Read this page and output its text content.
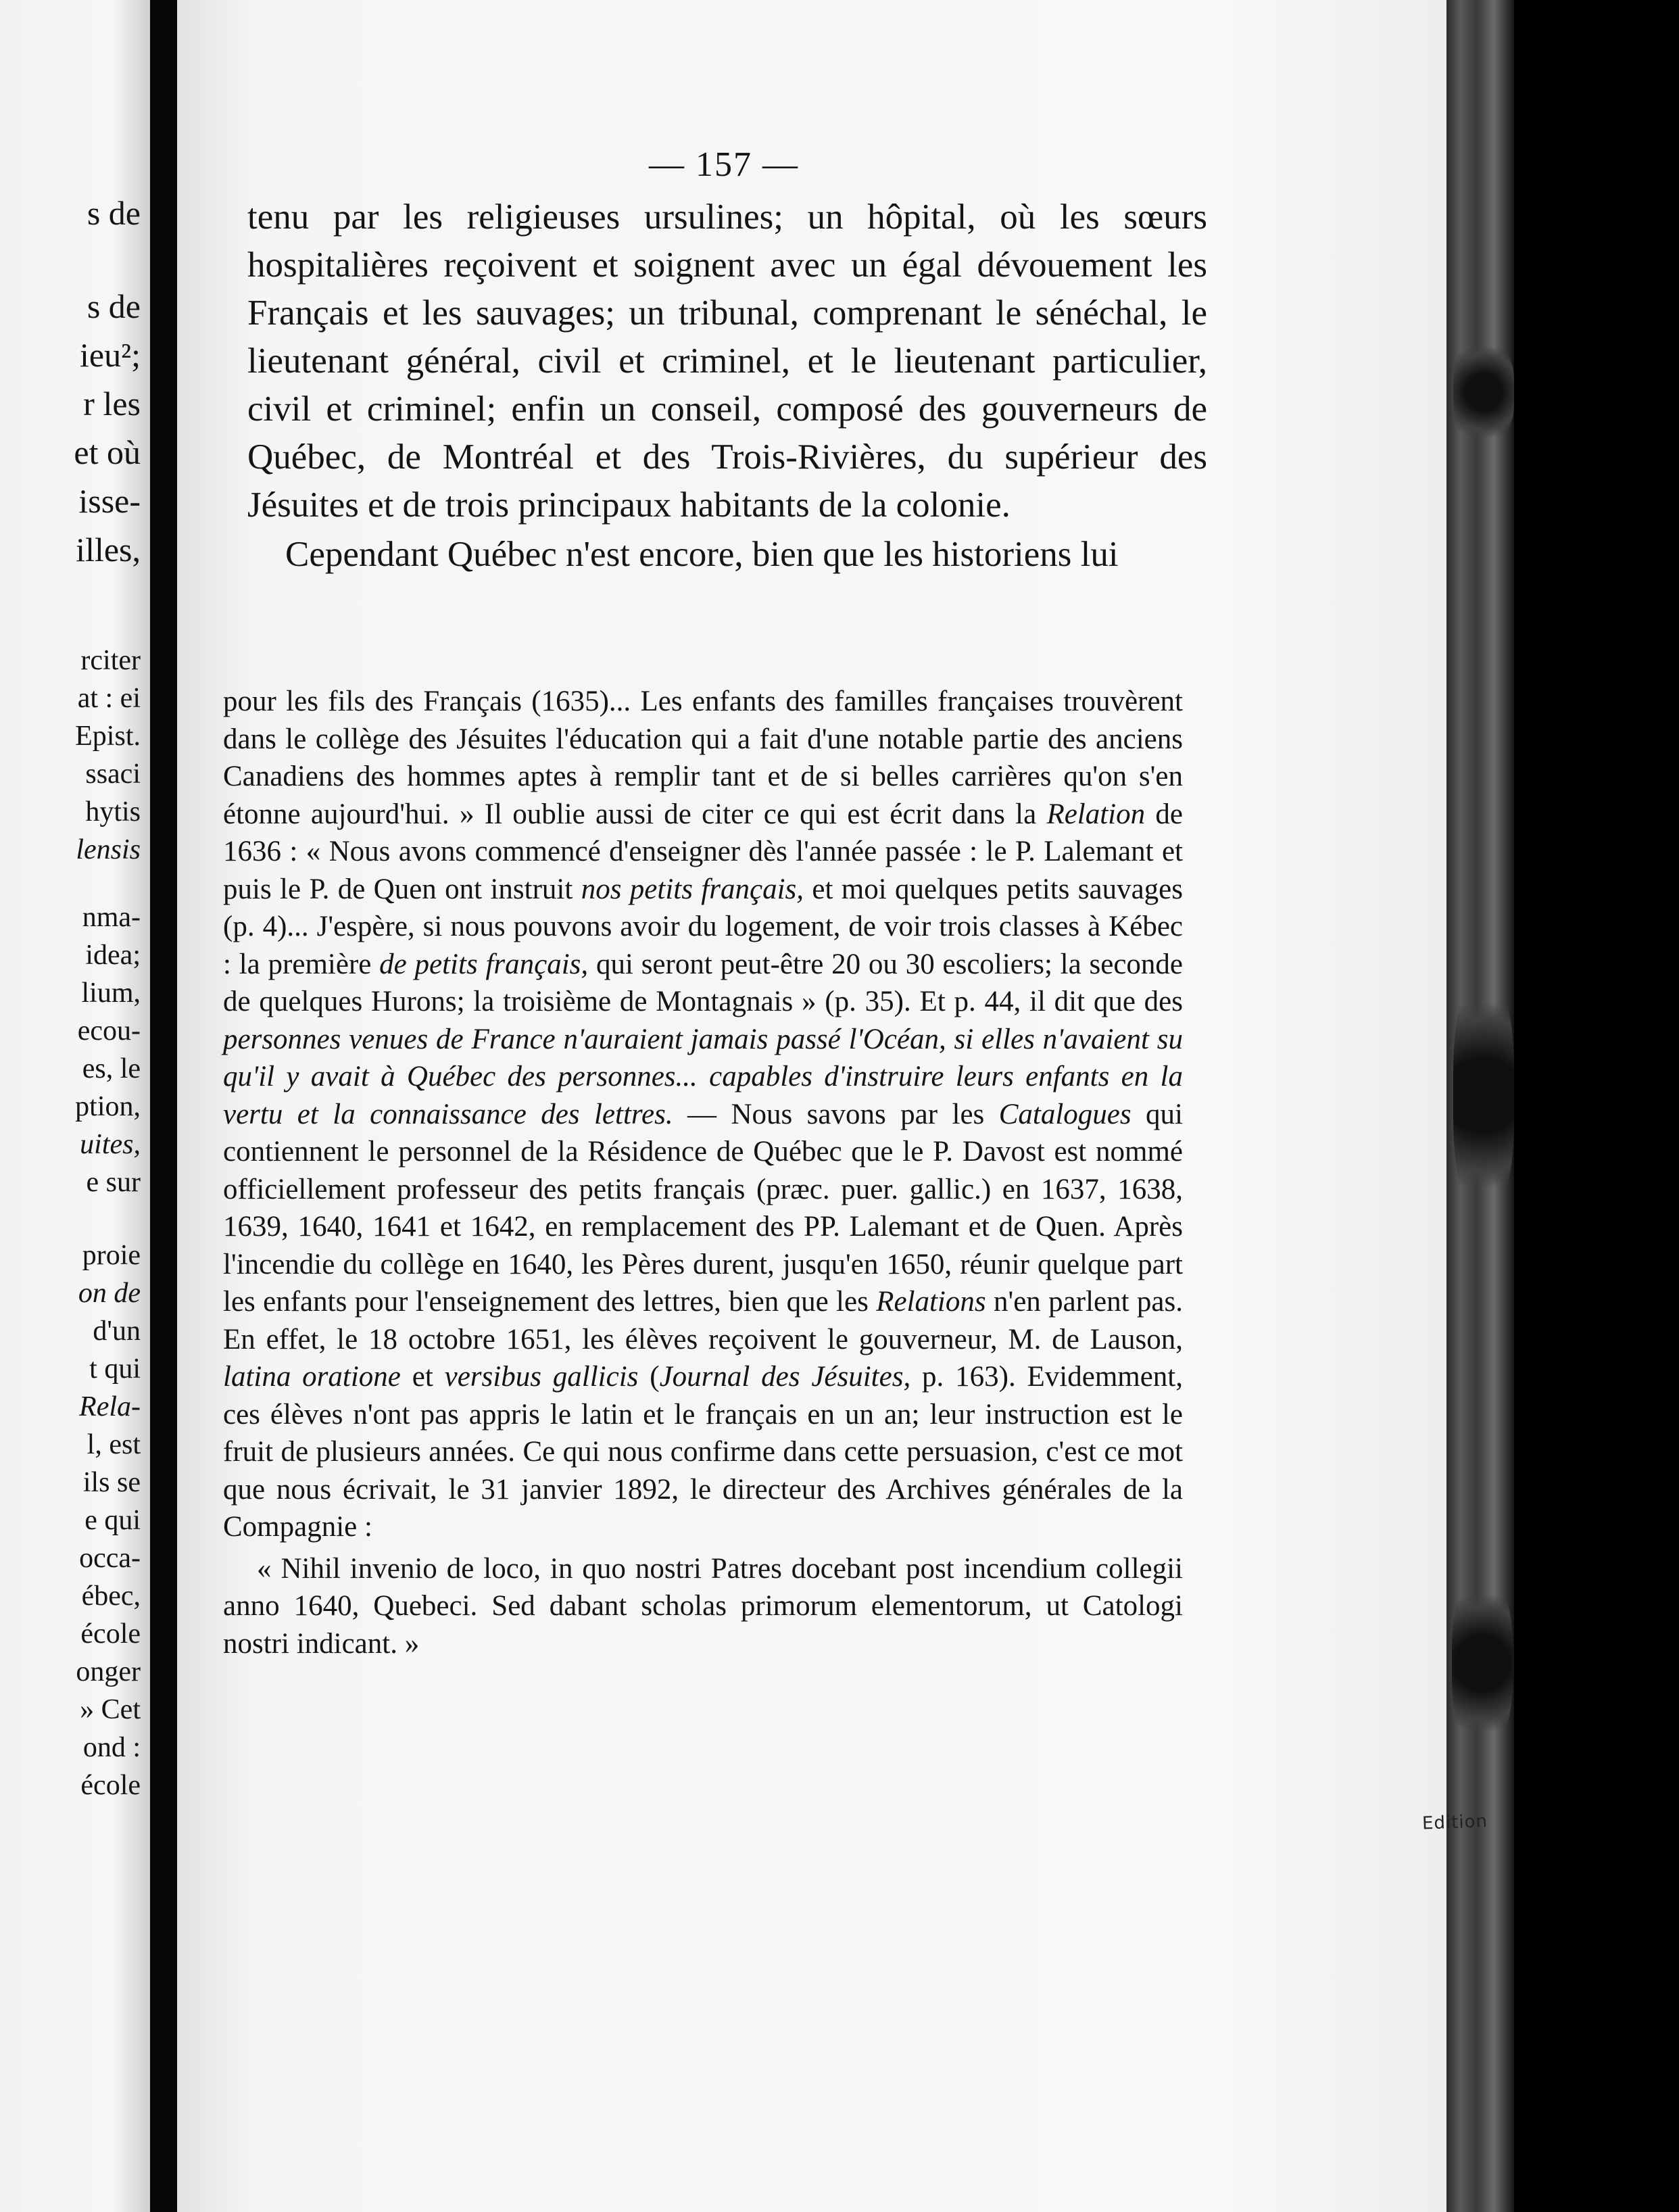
s de
s de
ieu²;
r les
et où
isse-
illes,
rciter
at : ei
Epist.
ssaci
hytis
lensis
nma-
idea;
lium,
ecou-
es, le
ption,
uites,
e sur
proie
on de
d'un
t qui
Rela-
l, est
ils se
e qui
occa-
ébec,
école
onger
» Cet
ond :
école
— 157 —

tenu par les religieuses ursulines; un hôpital, où les sœurs hospitalières reçoivent et soignent avec un égal dévouement les Français et les sauvages; un tribunal, comprenant le sénéchal, le lieutenant général, civil et criminel, et le lieutenant particulier, civil et criminel; enfin un conseil, composé des gouverneurs de Québec, de Montréal et des Trois-Rivières, du supérieur des Jésuites et de trois principaux habitants de la colonie.

Cependant Québec n'est encore, bien que les historiens lui

pour les fils des Français (1635)... Les enfants des familles françaises trouvèrent dans le collège des Jésuites l'éducation qui a fait d'une notable partie des anciens Canadiens des hommes aptes à remplir tant et de si belles carrières qu'on s'en étonne aujourd'hui. » Il oublie aussi de citer ce qui est écrit dans la Relation de 1636 : « Nous avons commencé d'enseigner dès l'année passée : le P. Lalemant et puis le P. de Quen ont instruit nos petits français, et moi quelques petits sauvages (p. 4)... J'espère, si nous pouvons avoir du logement, de voir trois classes à Kébec : la première de petits français, qui seront peut-être 20 ou 30 escoliers; la seconde de quelques Hurons; la troisième de Montagnais » (p. 35). Et p. 44, il dit que des personnes venues de France n'auraient jamais passé l'Océan, si elles n'avaient su qu'il y avait à Québec des personnes... capables d'instruire leurs enfants en la vertu et la connaissance des lettres. — Nous savons par les Catalogues qui contiennent le personnel de la Résidence de Québec que le P. Davost est nommé officiellement professeur des petits français (præc. puer. gallic.) en 1637, 1638, 1639, 1640, 1641 et 1642, en remplacement des PP. Lalemant et de Quen. Après l'incendie du collège en 1640, les Pères durent, jusqu'en 1650, réunir quelque part les enfants pour l'enseignement des lettres, bien que les Relations n'en parlent pas. En effet, le 18 octobre 1651, les élèves reçoivent le gouverneur, M. de Lauson, latina oratione et versibus gallicis (Journal des Jésuites, p. 163). Evidemment, ces élèves n'ont pas appris le latin et le français en un an; leur instruction est le fruit de plusieurs années. Ce qui nous confirme dans cette persuasion, c'est ce mot que nous écrivait, le 31 janvier 1892, le directeur des Archives générales de la Compagnie :

« Nihil invenio de loco, in quo nostri Patres docebant post incendium collegii anno 1640, Quebeci. Sed dabant scholas primorum elementorum, ut Catologi nostri indicant. »

Edition
